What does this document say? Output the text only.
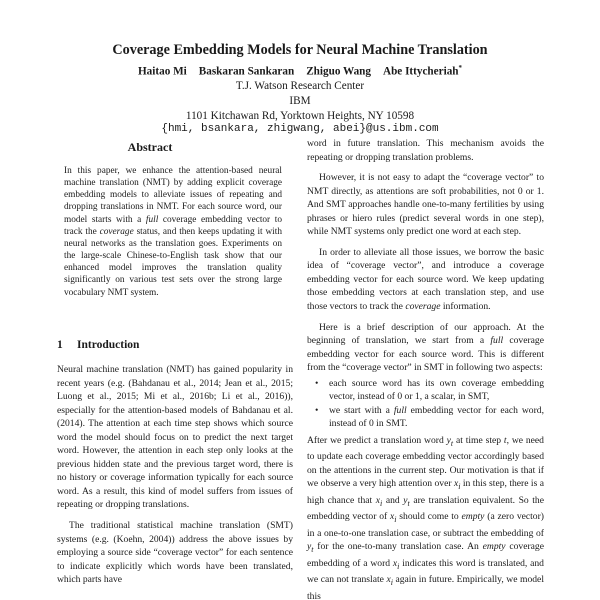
Coverage Embedding Models for Neural Machine Translation
Haitao Mi Baskaran Sankaran Zhiguo Wang Abe Ittycheriah*
T.J. Watson Research Center
IBM
1101 Kitchawan Rd, Yorktown Heights, NY 10598
{hmi, bsankara, zhigwang, abei}@us.ibm.com
Abstract
In this paper, we enhance the attention-based neural machine translation (NMT) by adding explicit coverage embedding models to alleviate issues of repeating and dropping translations in NMT. For each source word, our model starts with a full coverage embedding vector to track the coverage status, and then keeps updating it with neural networks as the translation goes. Experiments on the large-scale Chinese-to-English task show that our enhanced model improves the translation quality significantly on various test sets over the strong large vocabulary NMT system.
1 Introduction

Neural machine translation (NMT) has gained popularity in recent years (e.g. (Bahdanau et al., 2014; Jean et al., 2015; Luong et al., 2015; Mi et al., 2016b; Li et al., 2016)), especially for the attention-based models of Bahdanau et al. (2014). The attention at each time step shows which source word the model should focus on to predict the next target word. However, the attention in each step only looks at the previous hidden state and the previous target word, there is no history or coverage information typically for each source word. As a result, this kind of model suffers from issues of repeating or dropping translations.

The traditional statistical machine translation (SMT) systems (e.g. (Koehn, 2004)) address the above issues by employing a source side “coverage vector” for each sentence to indicate explicitly which words have been translated, which parts have

word in future translation. This mechanism avoids the repeating or dropping translation problems.

However, it is not easy to adapt the “coverage vector” to NMT directly, as attentions are soft probabilities, not 0 or 1. And SMT approaches handle one-to-many fertilities by using phrases or hiero rules (predict several words in one step), while NMT systems only predict one word at each step.

In order to alleviate all those issues, we borrow the basic idea of “coverage vector”, and introduce a coverage embedding vector for each source word. We keep updating those embedding vectors at each translation step, and use those vectors to track the coverage information.

Here is a brief description of our approach. At the beginning of translation, we start from a full coverage embedding vector for each source word. This is different from the “coverage vector” in SMT in following two aspects:

• each source word has its own coverage embedding vector, instead of 0 or 1, a scalar, in SMT,
• we start with a full embedding vector for each word, instead of 0 in SMT.

After we predict a translation word $y_t$ at time step t, we need to update each coverage embedding vector accordingly based on the attentions in the current step. Our motivation is that if we observe a very high attention over $x_i$ in this step, there is a high chance that $x_i$ and $y_t$ are translation equivalent. So the embedding vector of $x_i$ should come to empty (a zero vector) in a one-to-one translation case, or subtract the embedding of $y_t$ for the one-to-many translation case. An empty coverage embedding of a word $x_i$ indicates this word is translated, and we can not translate $x_i$ again in future. Empirically, we model this
